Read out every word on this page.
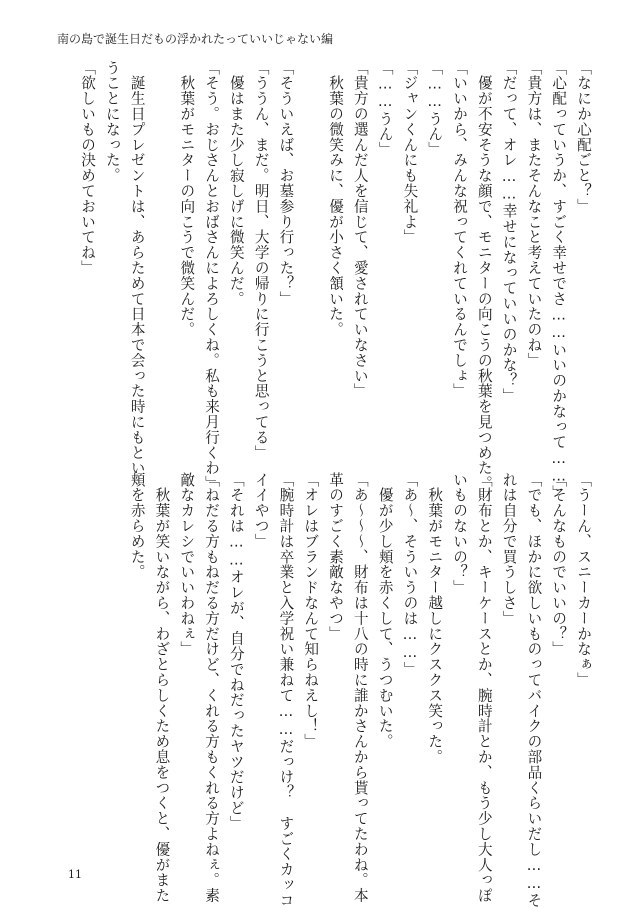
南の島で誕生日だもの浮かれたっていいじゃない編
「なにか心配ごと？」
「心配っていうか、すごく幸せでさ……いいのかなって……」
「貴方は、またそんなこと考えていたのね」
「だって、オレ……幸せになっていいのかな？」
　優が不安そうな顔で、モニターの向こうの秋葉を見つめた。
「いいから、みんな祝ってくれているんでしょ」
「……うん」
「ジャンくんにも失礼よ」
「……うん」
「貴方の選んだ人を信じて、愛されていなさい」
　秋葉の微笑みに、優が小さく頷いた。
「そういえば、お墓参り行った？」
「ううん、まだ。明日、大学の帰りに行こうと思ってる」
　優はまた少し寂しげに微笑んだ。
「そう。おじさんとおばさんによろしくね。私も来月行くわ」
　秋葉がモニターの向こうで微笑んだ。
　誕生日プレゼントは、あらためて日本で会った時にもとい
うことになった。
「欲しいもの決めておいてね」
「うーん、スニーカーかなぁ」
「そんなものでいいの？」
「でも、ほかに欲しいものってバイクの部品くらいだし……そ
れは自分で買うしさ」
「財布とか、キーケースとか、腕時計とか、もう少し大人っぽ
いものないの？」
　秋葉がモニター越しにクスクス笑った。
「あ〜、そういうのは……」
　優が少し頬を赤くして、うつむいた。
「あ〜〜〜、財布は十八の時に誰かさんから貰ってたわね。本
革のすごく素敵なやつ」
「オレはブランドなんて知らねえし！」
「腕時計は卒業と入学祝い兼ねて……だっけ？　すごくカッコ
イイやつ」
「それは……オレが、自分でねだったヤツだけど」
「ねだる方もねだる方だけど、くれる方もくれる方よねぇ。素
敵なカレシでいいわねぇ」
　秋葉が笑いながら、わざとらしくため息をつくと、優がまた
頬を赤らめた。
11
